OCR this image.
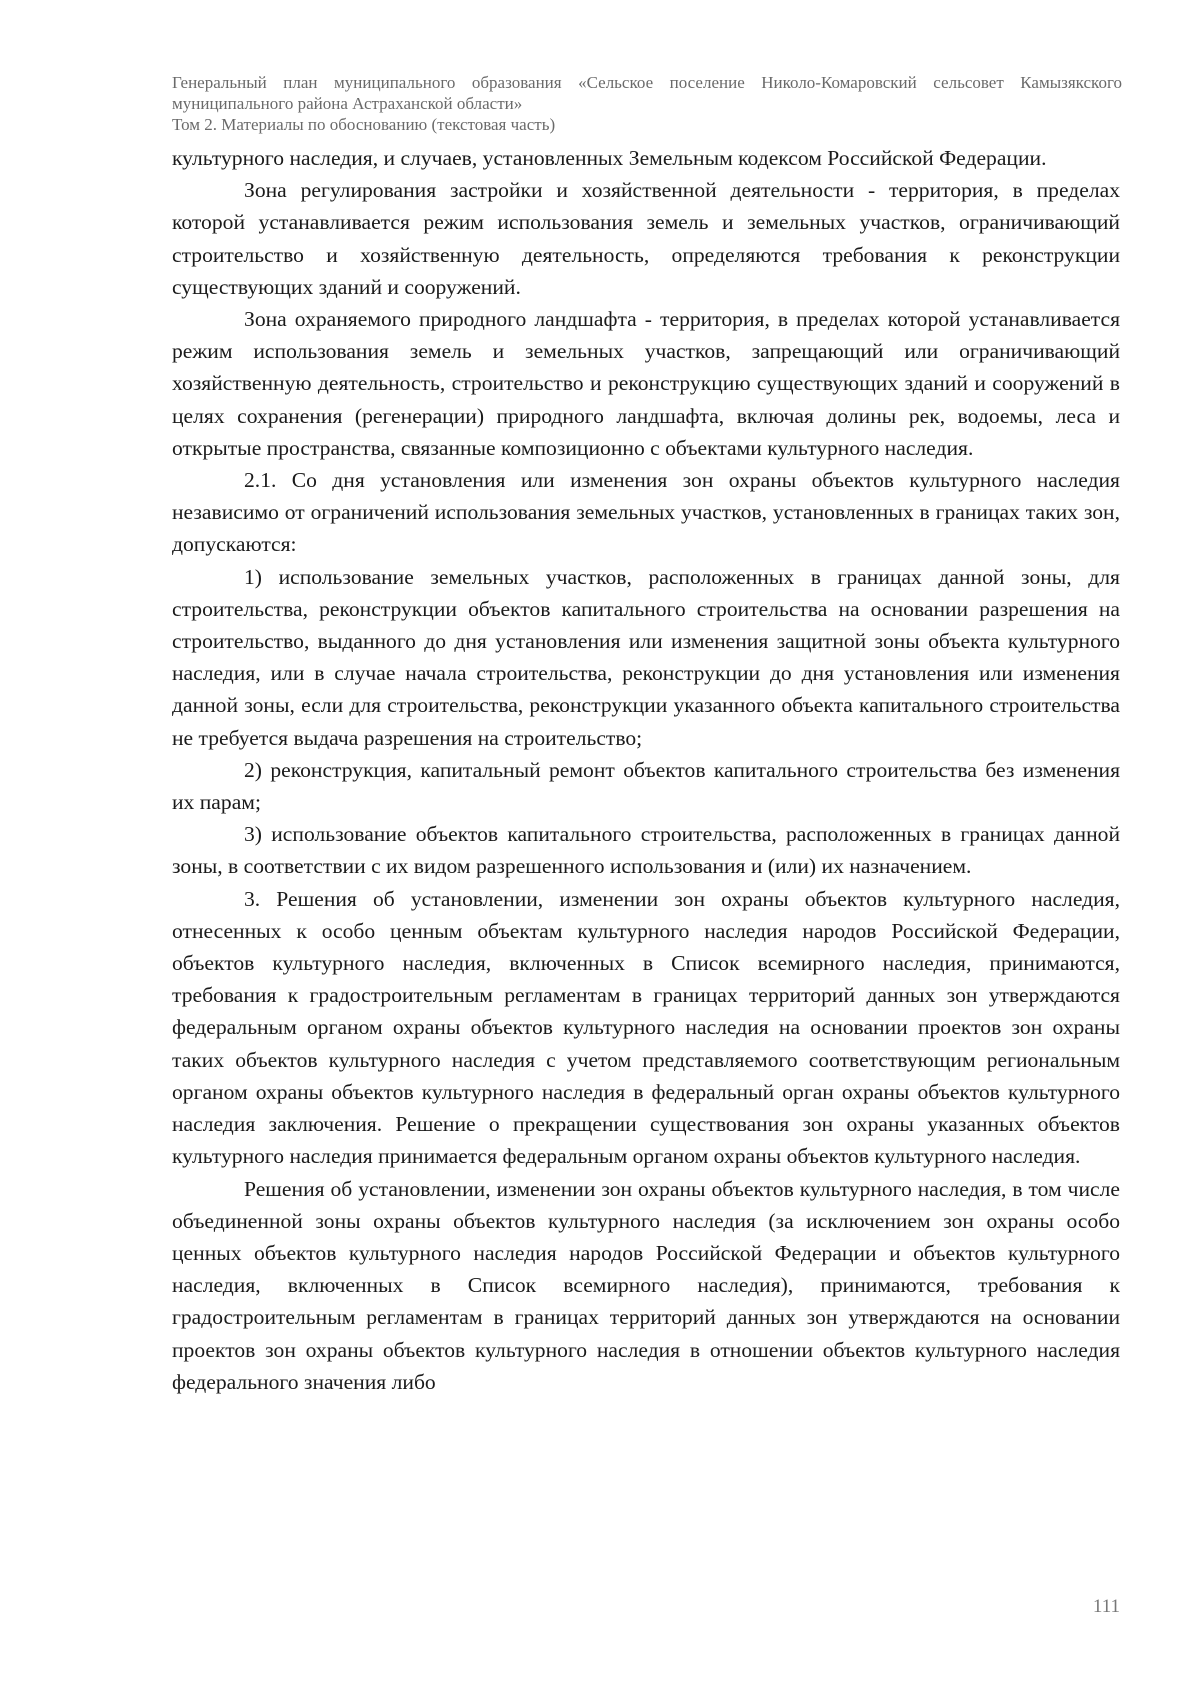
Генеральный план муниципального образования «Сельское поселение Николо-Комаровский сельсовет Камызякского муниципального района Астраханской области»
Том 2. Материалы по обоснованию (текстовая часть)

культурного наследия, и случаев, установленных Земельным кодексом Российской Федерации.

Зона регулирования застройки и хозяйственной деятельности - территория, в пределах которой устанавливается режим использования земель и земельных участков, ограничивающий строительство и хозяйственную деятельность, определяются требования к реконструкции существующих зданий и сооружений.

Зона охраняемого природного ландшафта - территория, в пределах которой устанавливается режим использования земель и земельных участков, запрещающий или ограничивающий хозяйственную деятельность, строительство и реконструкцию существующих зданий и сооружений в целях сохранения (регенерации) природного ландшафта, включая долины рек, водоемы, леса и открытые пространства, связанные композиционно с объектами культурного наследия.

2.1. Со дня установления или изменения зон охраны объектов культурного наследия независимо от ограничений использования земельных участков, установленных в границах таких зон, допускаются:

1) использование земельных участков, расположенных в границах данной зоны, для строительства, реконструкции объектов капитального строительства на основании разрешения на строительство, выданного до дня установления или изменения защитной зоны объекта культурного наследия, или в случае начала строительства, реконструкции до дня установления или изменения данной зоны, если для строительства, реконструкции указанного объекта капитального строительства не требуется выдача разрешения на строительство;

2) реконструкция, капитальный ремонт объектов капитального строительства без изменения их парам;

3) использование объектов капитального строительства, расположенных в границах данной зоны, в соответствии с их видом разрешенного использования и (или) их назначением.

3. Решения об установлении, изменении зон охраны объектов культурного наследия, отнесенных к особо ценным объектам культурного наследия народов Российской Федерации, объектов культурного наследия, включенных в Список всемирного наследия, принимаются, требования к градостроительным регламентам в границах территорий данных зон утверждаются федеральным органом охраны объектов культурного наследия на основании проектов зон охраны таких объектов культурного наследия с учетом представляемого соответствующим региональным органом охраны объектов культурного наследия в федеральный орган охраны объектов культурного наследия заключения. Решение о прекращении существования зон охраны указанных объектов культурного наследия принимается федеральным органом охраны объектов культурного наследия.

Решения об установлении, изменении зон охраны объектов культурного наследия, в том числе объединенной зоны охраны объектов культурного наследия (за исключением зон охраны особо ценных объектов культурного наследия народов Российской Федерации и объектов культурного наследия, включенных в Список всемирного наследия), принимаются, требования к градостроительным регламентам в границах территорий данных зон утверждаются на основании проектов зон охраны объектов культурного наследия в отношении объектов культурного наследия федерального значения либо

111
